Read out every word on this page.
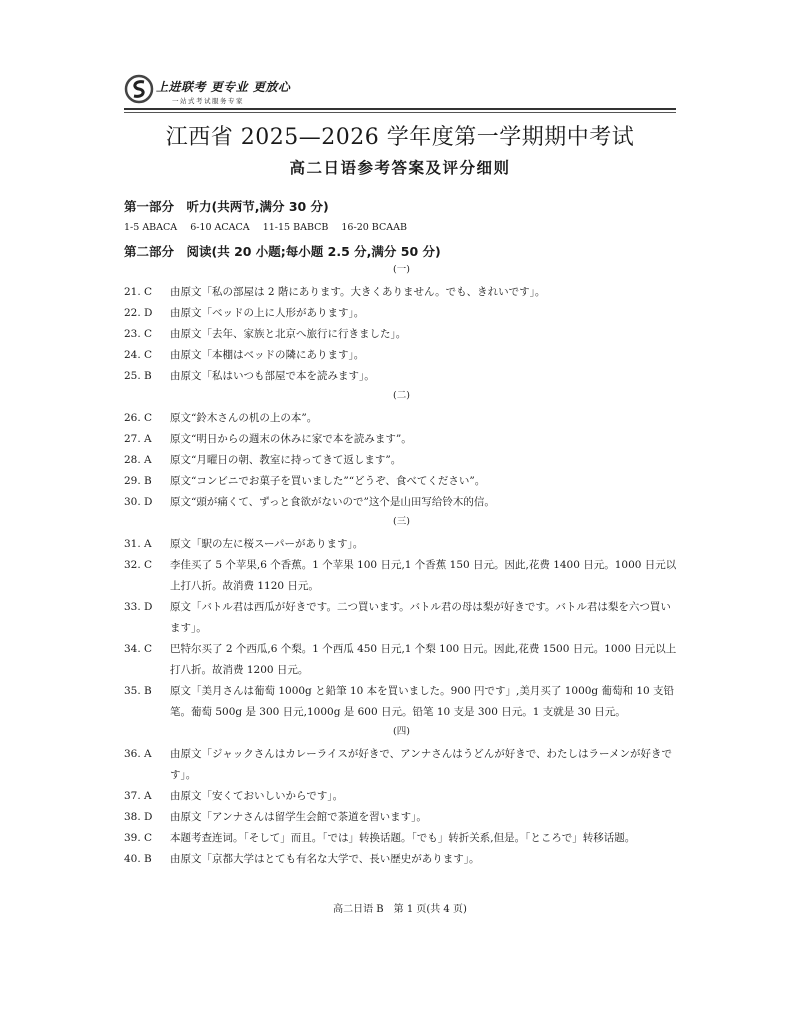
上进联考 更专业 更放心
一站式考试服务专家
江西省 2025—2026 学年度第一学期期中考试
高二日语参考答案及评分细则
第一部分　听力(共两节,满分 30 分)
1-5 ABACA 6-10 ACACA 11-15 BABCB 16-20 BCAAB
第二部分　阅读(共 20 小题;每小题 2.5 分,满分 50 分)
(一)
21. C	由原文「私の部屋は 2 階にあります。大きくありません。でも、きれいです」。
22. D	由原文「ベッドの上に人形があります」。
23. C	由原文「去年、家族と北京へ旅行に行きました」。
24. C	由原文「本棚はベッドの隣にあります」。
25. B	由原文「私はいつも部屋で本を読みます」。
(二)
26. C	原文“鈴木さんの机の上の本”。
27. A	原文“明日からの週末の休みに家で本を読みます”。
28. A	原文“月曜日の朝、教室に持ってきて返します”。
29. B	原文“コンビニでお菓子を買いました”“どうぞ、食べてください”。
30. D	原文“頭が痛くて、ずっと食欲がないので”这个是山田写给铃木的信。
(三)
31. A	原文「駅の左に桜スーパーがあります」。
32. C	李佳买了 5 个苹果,6 个香蕉。1 个苹果 100 日元,1 个香蕉 150 日元。因此,花费 1400 日元。1000 日元以上打八折。故消费 1120 日元。
33. D	原文「バトル君は西瓜が好きです。二つ買います。バトル君の母は梨が好きです。バトル君は梨を六つ買います」。
34. C	巴特尔买了 2 个西瓜,6 个梨。1 个西瓜 450 日元,1 个梨 100 日元。因此,花费 1500 日元。1000 日元以上打八折。故消费 1200 日元。
35. B	原文「美月さんは葡萄 1000g と鉛筆 10 本を買いました。900 円です」,美月买了 1000g 葡萄和 10 支铅笔。葡萄 500g 是 300 日元,1000g 是 600 日元。铅笔 10 支是 300 日元。1 支就是 30 日元。
(四)
36. A	由原文「ジャックさんはカレーライスが好きで、アンナさんはうどんが好きで、わたしはラーメンが好きです」。
37. A	由原文「安くておいしいからです」。
38. D	由原文「アンナさんは留学生会館で茶道を習います」。
39. C	本题考查连词。「そして」而且。「では」转换话题。「でも」转折关系,但是。「ところで」转移话题。
40. B	由原文「京都大学はとても有名な大学で、長い歴史があります」。
高二日语 B　第 1 页(共 4 页)
